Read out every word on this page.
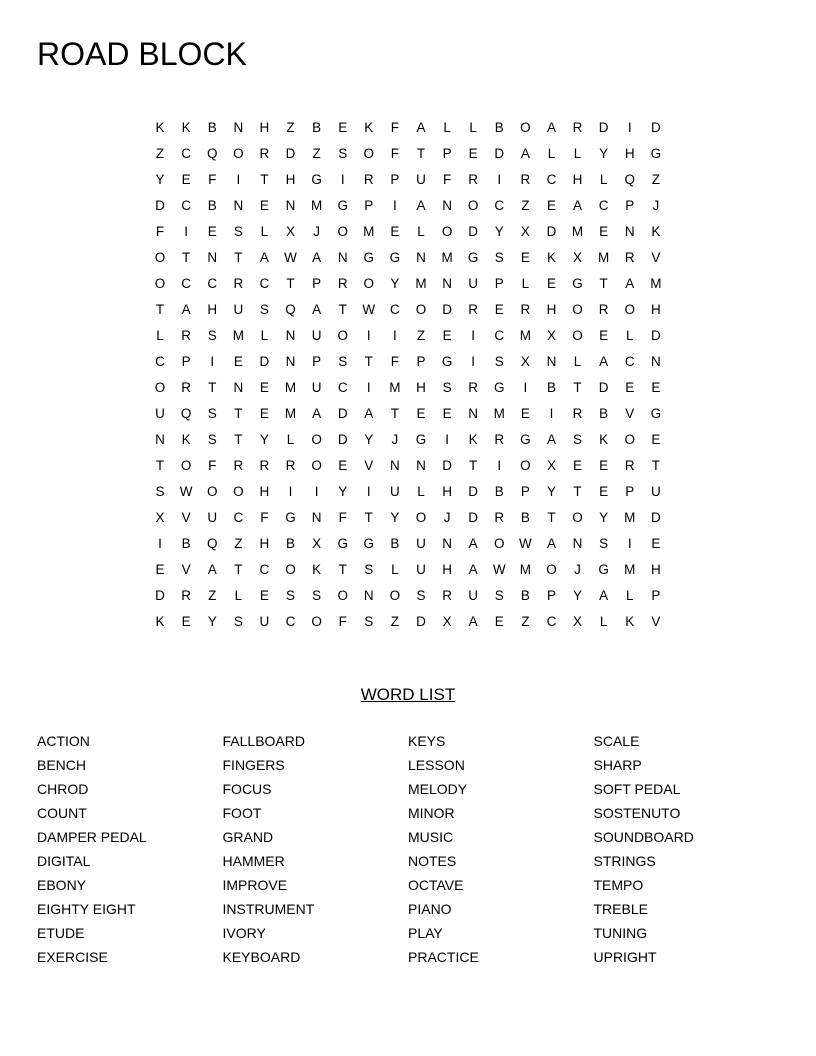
ROAD BLOCK
K	K	B	N	H	Z	B	E	K	F	A	L	L	B	O	A	R	D	I	D
Z	C	Q	O	R	D	Z	S	O	F	T	P	E	D	A	L	L	Y	H	G
Y	E	F	I	T	H	G	I	R	P	U	F	R	I	R	C	H	L	Q	Z
D	C	B	N	E	N	M	G	P	I	A	N	O	C	Z	E	A	C	P	J
F	I	E	S	L	X	J	O	M	E	L	O	D	Y	X	D	M	E	N	K
O	T	N	T	A	W	A	N	G	G	N	M	G	S	E	K	X	M	R	V
O	C	C	R	C	T	P	R	O	Y	M	N	U	P	L	E	G	T	A	M
T	A	H	U	S	Q	A	T	W	C	O	D	R	E	R	H	O	R	O	H
L	R	S	M	L	N	U	O	I	I	Z	E	I	C	M	X	O	E	L	D
C	P	I	E	D	N	P	S	T	F	P	G	I	S	X	N	L	A	C	N
O	R	T	N	E	M	U	C	I	M	H	S	R	G	I	B	T	D	E	E
U	Q	S	T	E	M	A	D	A	T	E	E	N	M	E	I	R	B	V	G
N	K	S	T	Y	L	O	D	Y	J	G	I	K	R	G	A	S	K	O	E
T	O	F	R	R	R	O	E	V	N	N	D	T	I	O	X	E	E	R	T
S	W	O	O	H	I	I	Y	I	U	L	H	D	B	P	Y	T	E	P	U
X	V	U	C	F	G	N	F	T	Y	O	J	D	R	B	T	O	Y	M	D
I	B	Q	Z	H	B	X	G	G	B	U	N	A	O	W	A	N	S	I	E
E	V	A	T	C	O	K	T	S	L	U	H	A	W	M	O	J	G	M	H
D	R	Z	L	E	S	S	O	N	O	S	R	U	S	B	P	Y	A	L	P
K	E	Y	S	U	C	O	F	S	Z	D	X	A	E	Z	C	X	L	K	V
WORD LIST
ACTION
BENCH
CHROD
COUNT
DAMPER PEDAL
DIGITAL
EBONY
EIGHTY EIGHT
ETUDE
EXERCISE
FALLBOARD
FINGERS
FOCUS
FOOT
GRAND
HAMMER
IMPROVE
INSTRUMENT
IVORY
KEYBOARD
KEYS
LESSON
MELODY
MINOR
MUSIC
NOTES
OCTAVE
PIANO
PLAY
PRACTICE
SCALE
SHARP
SOFT PEDAL
SOSTENUTO
SOUNDBOARD
STRINGS
TEMPO
TREBLE
TUNING
UPRIGHT
